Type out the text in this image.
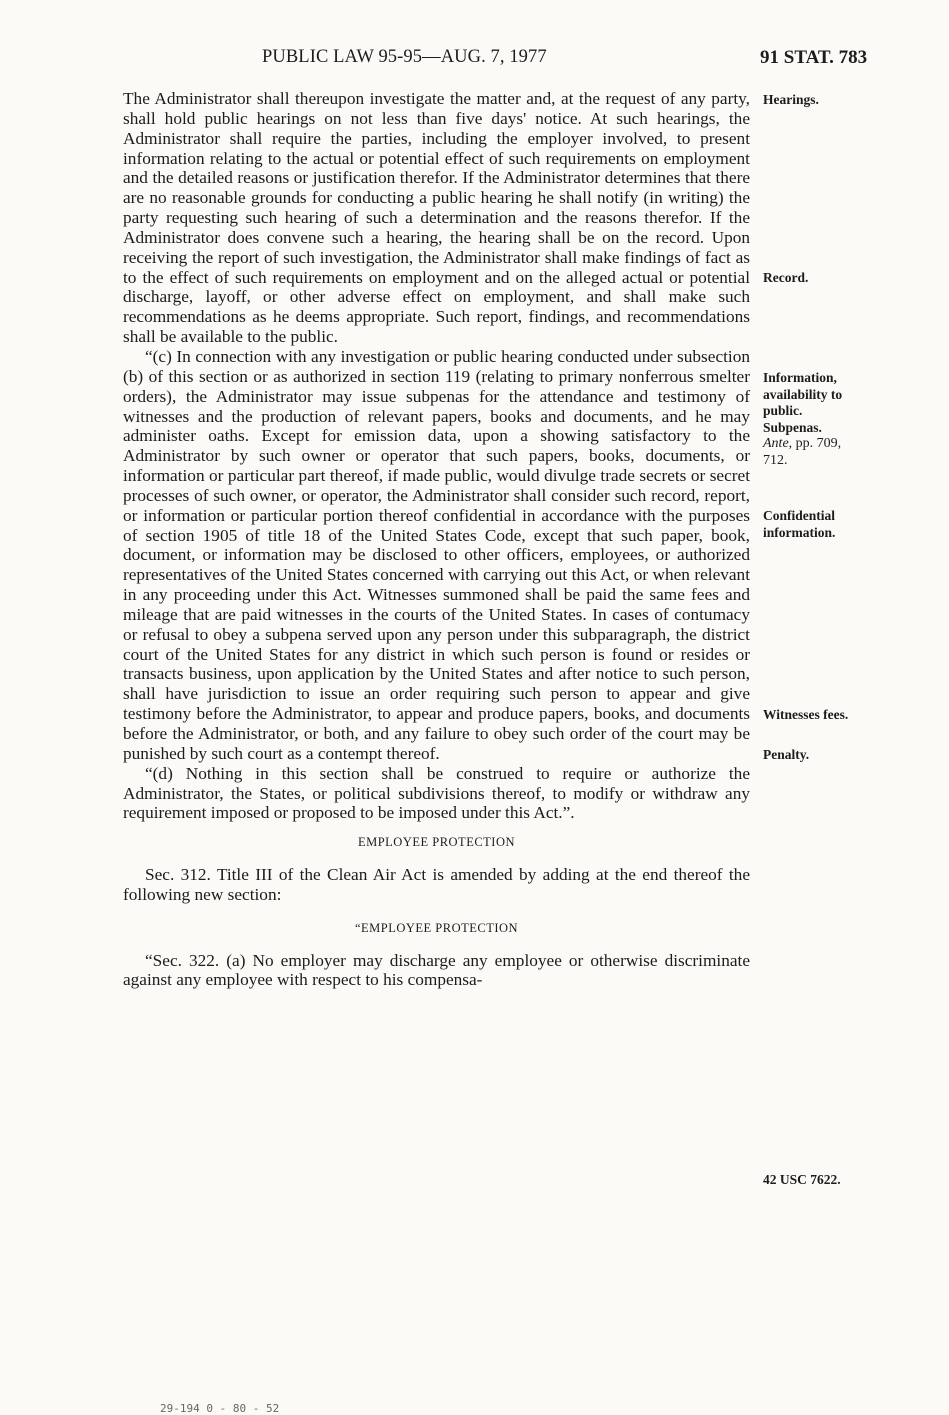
PUBLIC LAW 95-95—AUG. 7, 1977	91 STAT. 783

The Administrator shall thereupon investigate the matter and, at the request of any party, shall hold public hearings on not less than five days' notice. At such hearings, the Administrator shall require the parties, including the employer involved, to present information relating to the actual or potential effect of such requirements on employment and the detailed reasons or justification therefor. If the Administrator determines that there are no reasonable grounds for conducting a public hearing he shall notify (in writing) the party requesting such hearing of such a determination and the reasons therefor. If the Administrator does convene such a hearing, the hearing shall be on the record. Upon receiving the report of such investigation, the Administrator shall make findings of fact as to the effect of such requirements on employment and on the alleged actual or potential discharge, layoff, or other adverse effect on employment, and shall make such recommendations as he deems appropriate. Such report, findings, and recommendations shall be available to the public.

“(c) In connection with any investigation or public hearing conducted under subsection (b) of this section or as authorized in section 119 (relating to primary nonferrous smelter orders), the Administrator may issue subpenas for the attendance and testimony of witnesses and the production of relevant papers, books and documents, and he may administer oaths. Except for emission data, upon a showing satisfactory to the Administrator by such owner or operator that such papers, books, documents, or information or particular part thereof, if made public, would divulge trade secrets or secret processes of such owner, or operator, the Administrator shall consider such record, report, or information or particular portion thereof confidential in accordance with the purposes of section 1905 of title 18 of the United States Code, except that such paper, book, document, or information may be disclosed to other officers, employees, or authorized representatives of the United States concerned with carrying out this Act, or when relevant in any proceeding under this Act. Witnesses summoned shall be paid the same fees and mileage that are paid witnesses in the courts of the United States. In cases of contumacy or refusal to obey a subpena served upon any person under this subparagraph, the district court of the United States for any district in which such person is found or resides or transacts business, upon application by the United States and after notice to such person, shall have jurisdiction to issue an order requiring such person to appear and give testimony before the Administrator, to appear and produce papers, books, and documents before the Administrator, or both, and any failure to obey such order of the court may be punished by such court as a contempt thereof.

“(d) Nothing in this section shall be construed to require or authorize the Administrator, the States, or political subdivisions thereof, to modify or withdraw any requirement imposed or proposed to be imposed under this Act.”.

EMPLOYEE PROTECTION

Sec. 312. Title III of the Clean Air Act is amended by adding at the end thereof the following new section:

“EMPLOYEE PROTECTION

“Sec. 322. (a) No employer may discharge any employee or otherwise discriminate against any employee with respect to his compensa-

Hearings.
Record.
Information,
availability to
public.
Subpenas.
Ante, pp. 709,
712.
Confidential
information.
Witnesses fees.
Penalty.
42 USC 7622.
29-194 0 - 80 - 52
